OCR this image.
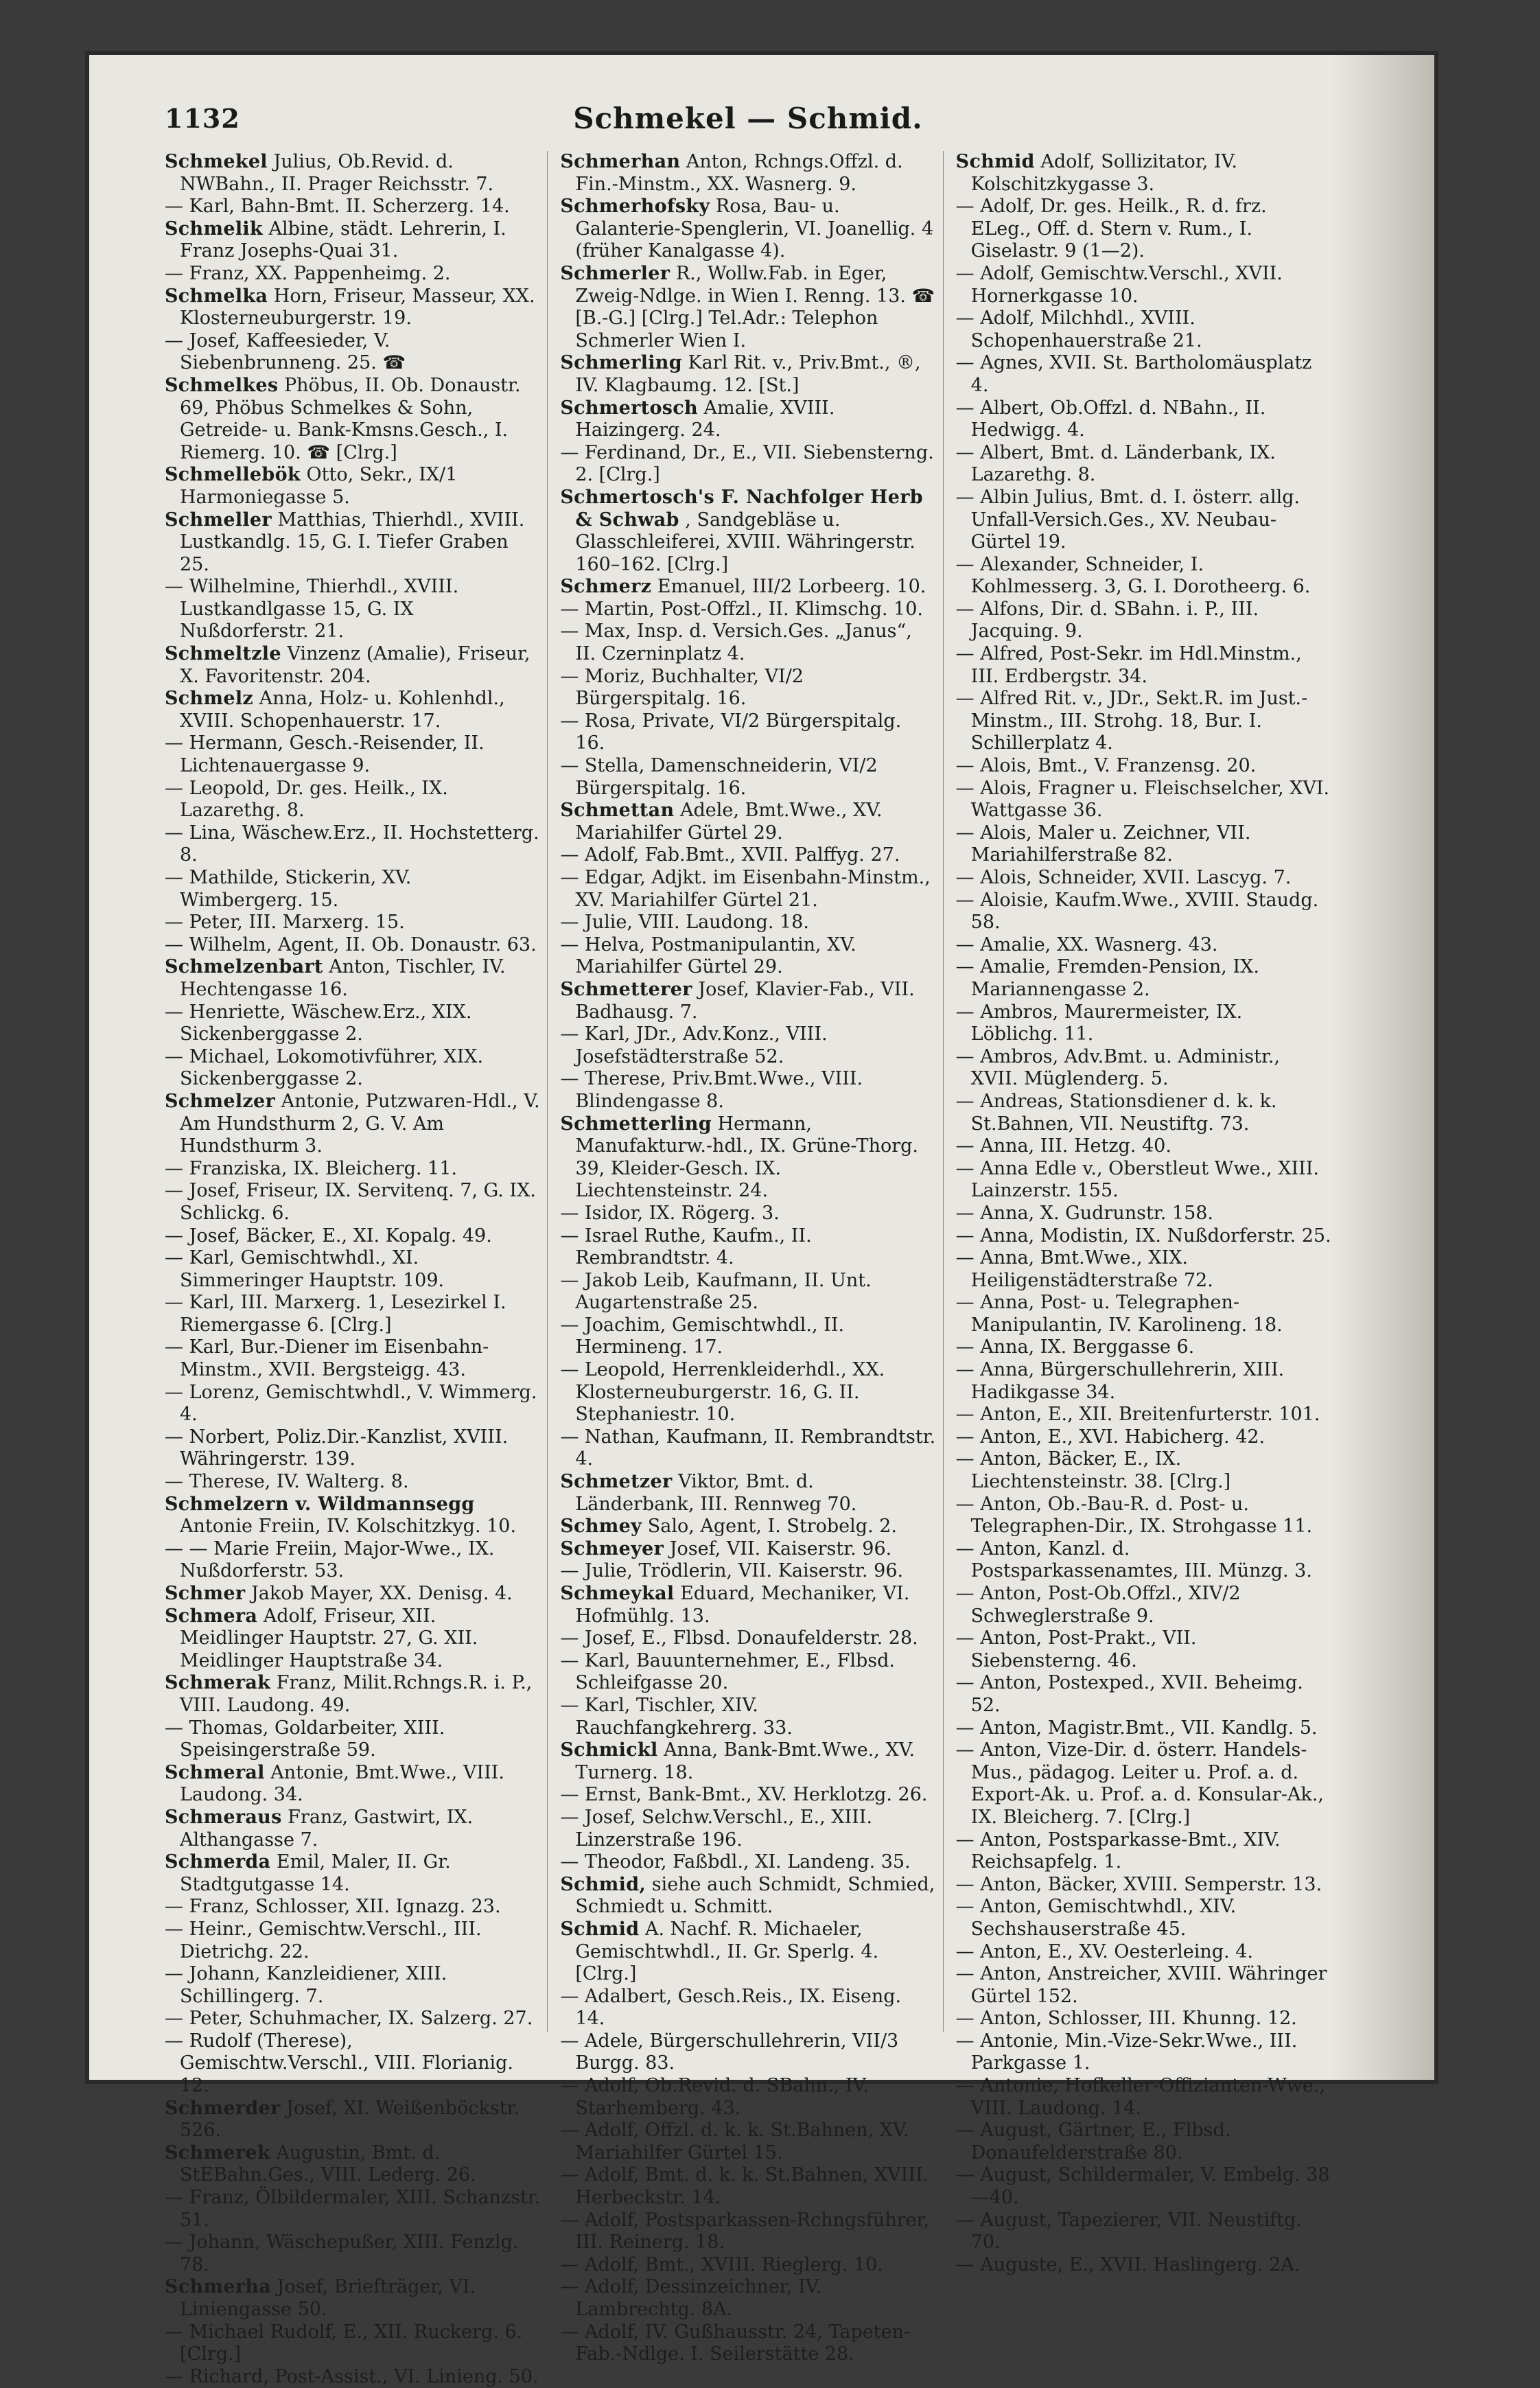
1132	Schmekel — Schmid.

Schmekel Julius, Ob.Revid. d. NWBahn., II. Prager Reichsstr. 7.

— Karl, Bahn-Bmt. II. Scherzerg. 14.

Schmelik Albine, städt. Lehrerin, I. Franz Josephs-Quai 31.

— Franz, XX. Pappenheimg. 2.

Schmelka Horn, Friseur, Masseur, XX. Klosterneuburgerstr. 19.

— Josef, Kaffeesieder, V. Siebenbrunneng. 25. ☎

Schmelkes Phöbus, II. Ob. Donaustr. 69, Phöbus Schmelkes & Sohn, Getreide- u. Bank-Kmsns.Gesch., I. Riemerg. 10. ☎ [Clrg.]

Schmellebök Otto, Sekr., IX/1 Harmoniegasse 5.

Schmeller Matthias, Thierhdl., XVIII. Lustkandlg. 15, G. I. Tiefer Graben 25.

— Wilhelmine, Thierhdl., XVIII. Lustkandlgasse 15, G. IX Nußdorferstr. 21.

Schmeltzle Vinzenz (Amalie), Friseur, X. Favoritenstr. 204.

Schmelz Anna, Holz- u. Kohlenhdl., XVIII. Schopenhauerstr. 17.

— Hermann, Gesch.-Reisender, II. Lichtenauergasse 9.

— Leopold, Dr. ges. Heilk., IX. Lazarethg. 8.

— Lina, Wäschew.Erz., II. Hochstetterg. 8.

— Mathilde, Stickerin, XV. Wimbergerg. 15.

— Peter, III. Marxerg. 15.

— Wilhelm, Agent, II. Ob. Donaustr. 63.

Schmelzenbart Anton, Tischler, IV. Hechtengasse 16.

— Henriette, Wäschew.Erz., XIX. Sickenberggasse 2.

— Michael, Lokomotivführer, XIX. Sickenberggasse 2.

Schmelzer Antonie, Putzwaren-Hdl., V. Am Hundsthurm 2, G. V. Am Hundsthurm 3.

— Franziska, IX. Bleicherg. 11.

— Josef, Friseur, IX. Servitenq. 7, G. IX. Schlickg. 6.

— Josef, Bäcker, E., XI. Kopalg. 49.

— Karl, Gemischtwhdl., XI. Simmeringer Hauptstr. 109.

— Karl, III. Marxerg. 1, Lesezirkel I. Riemergasse 6. [Clrg.]

— Karl, Bur.-Diener im Eisenbahn-Minstm., XVII. Bergsteigg. 43.

— Lorenz, Gemischtwhdl., V. Wimmerg. 4.

— Norbert, Poliz.Dir.-Kanzlist, XVIII. Währingerstr. 139.

— Therese, IV. Walterg. 8.

Schmelzern v. Wildmannsegg Antonie Freiin, IV. Kolschitzkyg. 10.

— — Marie Freiin, Major-Wwe., IX. Nußdorferstr. 53.

Schmer Jakob Mayer, XX. Denisg. 4.

Schmera Adolf, Friseur, XII. Meidlinger Hauptstr. 27, G. XII. Meidlinger Hauptstraße 34.

Schmerak Franz, Milit.Rchngs.R. i. P., VIII. Laudong. 49.

— Thomas, Goldarbeiter, XIII. Speisingerstraße 59.

Schmeral Antonie, Bmt.Wwe., VIII. Laudong. 34.

Schmeraus Franz, Gastwirt, IX. Althangasse 7.

Schmerda Emil, Maler, II. Gr. Stadtgutgasse 14.

— Franz, Schlosser, XII. Ignazg. 23.

— Heinr., Gemischtw.Verschl., III. Dietrichg. 22.

— Johann, Kanzleidiener, XIII. Schillingerg. 7.

— Peter, Schuhmacher, IX. Salzerg. 27.

— Rudolf (Therese), Gemischtw.Verschl., VIII. Florianig. 12.

Schmerder Josef, XI. Weißenböckstr. 526.

Schmerek Augustin, Bmt. d. StEBahn.Ges., VIII. Lederg. 26.

— Franz, Ölbildermaler, XIII. Schanzstr. 51.

— Johann, Wäschepußer, XIII. Fenzlg. 78.

Schmerha Josef, Briefträger, VI. Liniengasse 50.

— Michael Rudolf, E., XII. Ruckerg. 6. [Clrg.]

— Richard, Post-Assist., VI. Linieng. 50.

Schmerhan Anton, Rchngs.Offzl. d. Fin.-Minstm., XX. Wasnerg. 9.

Schmerhofsky Rosa, Bau- u. Galanterie-Spenglerin, VI. Joanellig. 4 (früher Kanalgasse 4).

Schmerler R., Wollw.Fab. in Eger, Zweig-Ndlge. in Wien I. Renng. 13. ☎ [B.-G.] [Clrg.] Tel.Adr.: Telephon Schmerler Wien I.

Schmerling Karl Rit. v., Priv.Bmt., ®, IV. Klagbaumg. 12. [St.]

Schmertosch Amalie, XVIII. Haizingerg. 24.

— Ferdinand, Dr., E., VII. Siebensterng. 2. [Clrg.]

Schmertosch's F. Nachfolger Herb & Schwab , Sandgebläse u. Glasschleiferei, XVIII. Währingerstr. 160–162. [Clrg.]

Schmerz Emanuel, III/2 Lorbeerg. 10.

— Martin, Post-Offzl., II. Klimschg. 10.

— Max, Insp. d. Versich.Ges. „Janus“, II. Czerninplatz 4.

— Moriz, Buchhalter, VI/2 Bürgerspitalg. 16.

— Rosa, Private, VI/2 Bürgerspitalg. 16.

— Stella, Damenschneiderin, VI/2 Bürgerspitalg. 16.

Schmettan Adele, Bmt.Wwe., XV. Mariahilfer Gürtel 29.

— Adolf, Fab.Bmt., XVII. Palffyg. 27.

— Edgar, Adjkt. im Eisenbahn-Minstm., XV. Mariahilfer Gürtel 21.

— Julie, VIII. Laudong. 18.

— Helva, Postmanipulantin, XV. Mariahilfer Gürtel 29.

Schmetterer Josef, Klavier-Fab., VII. Badhausg. 7.

— Karl, JDr., Adv.Konz., VIII. Josefstädterstraße 52.

— Therese, Priv.Bmt.Wwe., VIII. Blindengasse 8.

Schmetterling Hermann, Manufakturw.-hdl., IX. Grüne-Thorg. 39, Kleider-Gesch. IX. Liechtensteinstr. 24.

— Isidor, IX. Rögerg. 3.

— Israel Ruthe, Kaufm., II. Rembrandtstr. 4.

— Jakob Leib, Kaufmann, II. Unt. Augartenstraße 25.

— Joachim, Gemischtwhdl., II. Hermineng. 17.

— Leopold, Herrenkleiderhdl., XX. Klosterneuburgerstr. 16, G. II. Stephaniestr. 10.

— Nathan, Kaufmann, II. Rembrandtstr. 4.

Schmetzer Viktor, Bmt. d. Länderbank, III. Rennweg 70.

Schmey Salo, Agent, I. Strobelg. 2.

Schmeyer Josef, VII. Kaiserstr. 96.

— Julie, Trödlerin, VII. Kaiserstr. 96.

Schmeykal Eduard, Mechaniker, VI. Hofmühlg. 13.

— Josef, E., Flbsd. Donaufelderstr. 28.

— Karl, Bauunternehmer, E., Flbsd. Schleifgasse 20.

— Karl, Tischler, XIV. Rauchfangkehrerg. 33.

Schmickl Anna, Bank-Bmt.Wwe., XV. Turnerg. 18.

— Ernst, Bank-Bmt., XV. Herklotzg. 26.

— Josef, Selchw.Verschl., E., XIII. Linzerstraße 196.

— Theodor, Faßbdl., XI. Landeng. 35.

Schmid, siehe auch Schmidt, Schmied, Schmiedt u. Schmitt.

Schmid A. Nachf. R. Michaeler, Gemischtwhdl., II. Gr. Sperlg. 4. [Clrg.]

— Adalbert, Gesch.Reis., IX. Eiseng. 14.

— Adele, Bürgerschullehrerin, VII/3 Burgg. 83.

— Adolf, Ob.Revid. d. SBahn., IV. Starhemberg. 43.

— Adolf, Offzl. d. k. k. St.Bahnen, XV. Mariahilfer Gürtel 15.

— Adolf, Bmt. d. k. k. St.Bahnen, XVIII. Herbeckstr. 14.

— Adolf, Postsparkassen-Rchngsführer, III. Reinerg. 18.

— Adolf, Bmt., XVIII. Rieglerg. 10.

— Adolf, Dessinzeichner, IV. Lambrechtg. 8A.

— Adolf, IV. Gußhausstr. 24, Tapeten-Fab.-Ndlge. I. Seilerstätte 28.

Schmid Adolf, Sollizitator, IV. Kolschitzkygasse 3.

— Adolf, Dr. ges. Heilk., R. d. frz. ELeg., Off. d. Stern v. Rum., I. Giselastr. 9 (1—2).

— Adolf, Gemischtw.Verschl., XVII. Hornerkgasse 10.

— Adolf, Milchhdl., XVIII. Schopenhauerstraße 21.

— Agnes, XVII. St. Bartholomäusplatz 4.

— Albert, Ob.Offzl. d. NBahn., II. Hedwigg. 4.

— Albert, Bmt. d. Länderbank, IX. Lazarethg. 8.

— Albin Julius, Bmt. d. I. österr. allg. Unfall-Versich.Ges., XV. Neubau-Gürtel 19.

— Alexander, Schneider, I. Kohlmesserg. 3, G. I. Dorotheerg. 6.

— Alfons, Dir. d. SBahn. i. P., III. Jacquing. 9.

— Alfred, Post-Sekr. im Hdl.Minstm., III. Erdbergstr. 34.

— Alfred Rit. v., JDr., Sekt.R. im Just.-Minstm., III. Strohg. 18, Bur. I. Schillerplatz 4.

— Alois, Bmt., V. Franzensg. 20.

— Alois, Fragner u. Fleischselcher, XVI. Wattgasse 36.

— Alois, Maler u. Zeichner, VII. Mariahilferstraße 82.

— Alois, Schneider, XVII. Lascyg. 7.

— Aloisie, Kaufm.Wwe., XVIII. Staudg. 58.

— Amalie, XX. Wasnerg. 43.

— Amalie, Fremden-Pension, IX. Mariannengasse 2.

— Ambros, Maurermeister, IX. Löblichg. 11.

— Ambros, Adv.Bmt. u. Administr., XVII. Müglenderg. 5.

— Andreas, Stationsdiener d. k. k. St.Bahnen, VII. Neustiftg. 73.

— Anna, III. Hetzg. 40.

— Anna Edle v., Oberstleut Wwe., XIII. Lainzerstr. 155.

— Anna, X. Gudrunstr. 158.

— Anna, Modistin, IX. Nußdorferstr. 25.

— Anna, Bmt.Wwe., XIX. Heiligenstädterstraße 72.

— Anna, Post- u. Telegraphen-Manipulantin, IV. Karolineng. 18.

— Anna, IX. Berggasse 6.

— Anna, Bürgerschullehrerin, XIII. Hadikgasse 34.

— Anton, E., XII. Breitenfurterstr. 101.

— Anton, E., XVI. Habicherg. 42.

— Anton, Bäcker, E., IX. Liechtensteinstr. 38. [Clrg.]

— Anton, Ob.-Bau-R. d. Post- u. Telegraphen-Dir., IX. Strohgasse 11.

— Anton, Kanzl. d. Postsparkassenamtes, III. Münzg. 3.

— Anton, Post-Ob.Offzl., XIV/2 Schweglerstraße 9.

— Anton, Post-Prakt., VII. Siebensterng. 46.

— Anton, Postexped., XVII. Beheimg. 52.

— Anton, Magistr.Bmt., VII. Kandlg. 5.

— Anton, Vize-Dir. d. österr. Handels-Mus., pädagog. Leiter u. Prof. a. d. Export-Ak. u. Prof. a. d. Konsular-Ak., IX. Bleicherg. 7. [Clrg.]

— Anton, Postsparkasse-Bmt., XIV. Reichsapfelg. 1.

— Anton, Bäcker, XVIII. Semperstr. 13.

— Anton, Gemischtwhdl., XIV. Sechshauserstraße 45.

— Anton, E., XV. Oesterleing. 4.

— Anton, Anstreicher, XVIII. Währinger Gürtel 152.

— Anton, Schlosser, III. Khunng. 12.

— Antonie, Min.-Vize-Sekr.Wwe., III. Parkgasse 1.

— Antonie, Hofkeller-Offizianten-Wwe., VIII. Laudong. 14.

— August, Gärtner, E., Flbsd. Donaufelderstraße 80.

— August, Schildermaler, V. Embelg. 38—40.

— August, Tapezierer, VII. Neustiftg. 70.

— Auguste, E., XVII. Haslingerg. 2A.
